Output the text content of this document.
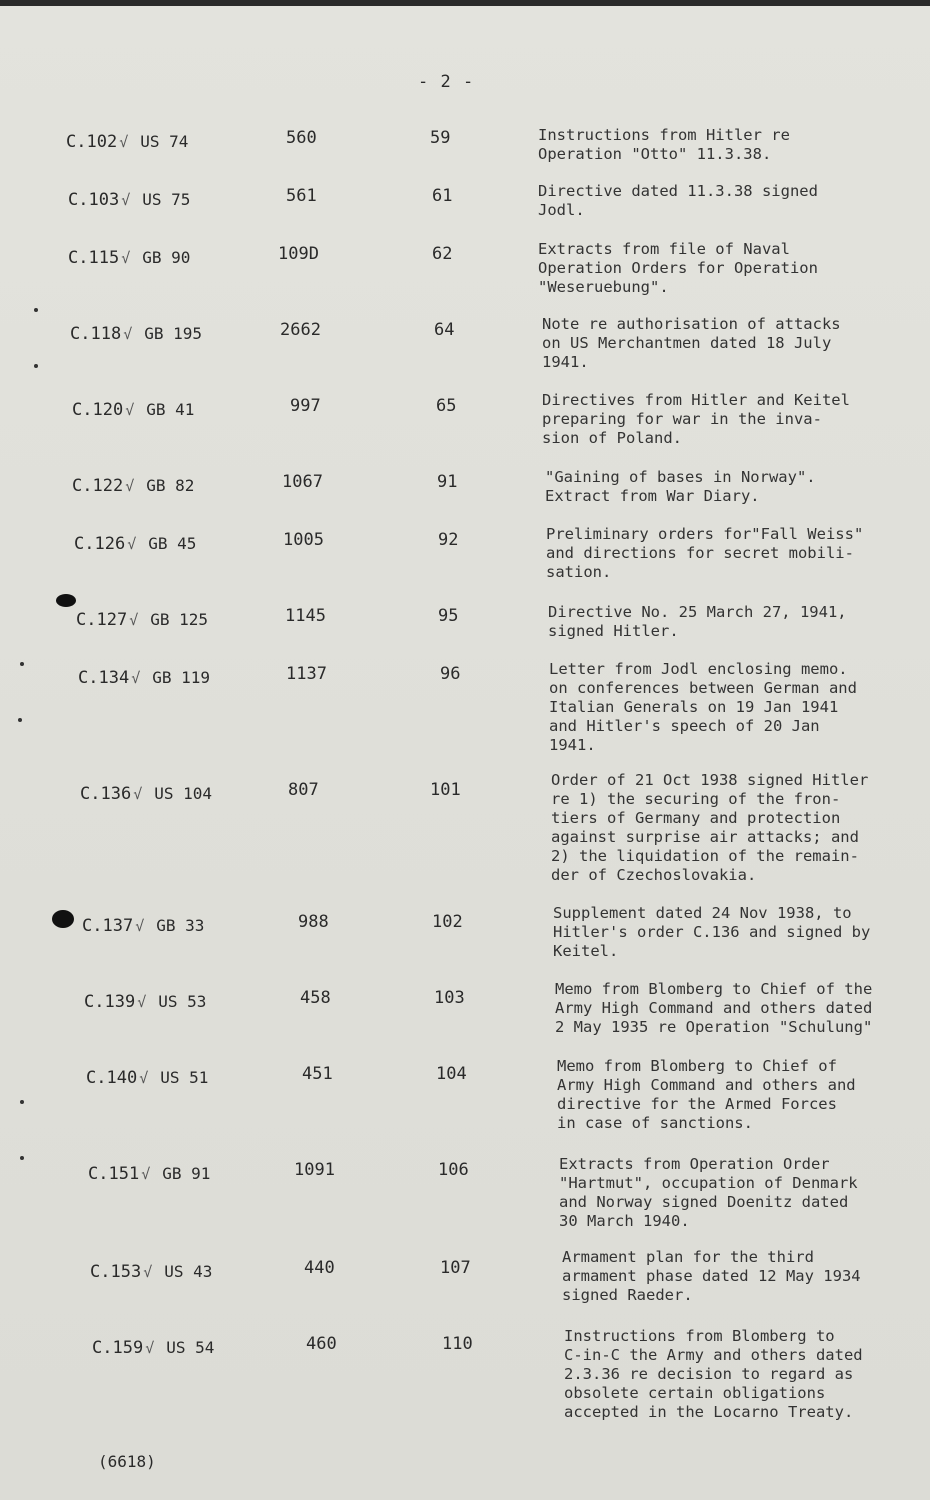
- 2 -
C.102 √ US 74	560	59	Instructions from Hitler re
Operation "Otto" 11.3.38.
C.103 √ US 75	561	61	Directive dated 11.3.38 signed
Jodl.
C.115 √ GB 90	109D	62	Extracts from file of Naval
Operation Orders for Operation
"Weseruebung".
C.118 √ GB 195	2662	64	Note re authorisation of attacks
on US Merchantmen dated 18 July
1941.
C.120 √ GB 41	997	65	Directives from Hitler and Keitel
preparing for war in the inva-
sion of Poland.
C.122 √ GB 82	1067	91	"Gaining of bases in Norway".
Extract from War Diary.
C.126 √ GB 45	1005	92	Preliminary orders for"Fall Weiss"
and directions for secret mobili-
sation.
C.127 √ GB 125	1145	95	Directive No. 25 March 27, 1941,
signed Hitler.
C.134 √ GB 119	1137	96	Letter from Jodl enclosing memo.
on conferences between German and
Italian Generals on 19 Jan 1941
and Hitler's speech of 20 Jan
1941.
C.136 √ US 104	807	101	Order of 21 Oct 1938 signed Hitler
re 1) the securing of the fron-
tiers of Germany and protection
against surprise air attacks; and
2) the liquidation of the remain-
der of Czechoslovakia.
C.137 √ GB 33	988	102	Supplement dated 24 Nov 1938, to
Hitler's order C.136 and signed by
Keitel.
C.139 √ US 53	458	103	Memo from Blomberg to Chief of the
Army High Command and others dated
2 May 1935 re Operation "Schulung"
C.140 √ US 51	451	104	Memo from Blomberg to Chief of
Army High Command and others and
directive for the Armed Forces
in case of sanctions.
C.151 √ GB 91	1091	106	Extracts from Operation Order
"Hartmut", occupation of Denmark
and Norway signed Doenitz dated
30 March 1940.
C.153 √ US 43	440	107
Armament plan for the third
armament phase dated 12 May 1934
signed Raeder.
C.159 √ US 54	460	110	Instructions from Blomberg to
C-in-C the Army and others dated
2.3.36 re decision to regard as
obsolete certain obligations
accepted in the Locarno Treaty.
(6618)
